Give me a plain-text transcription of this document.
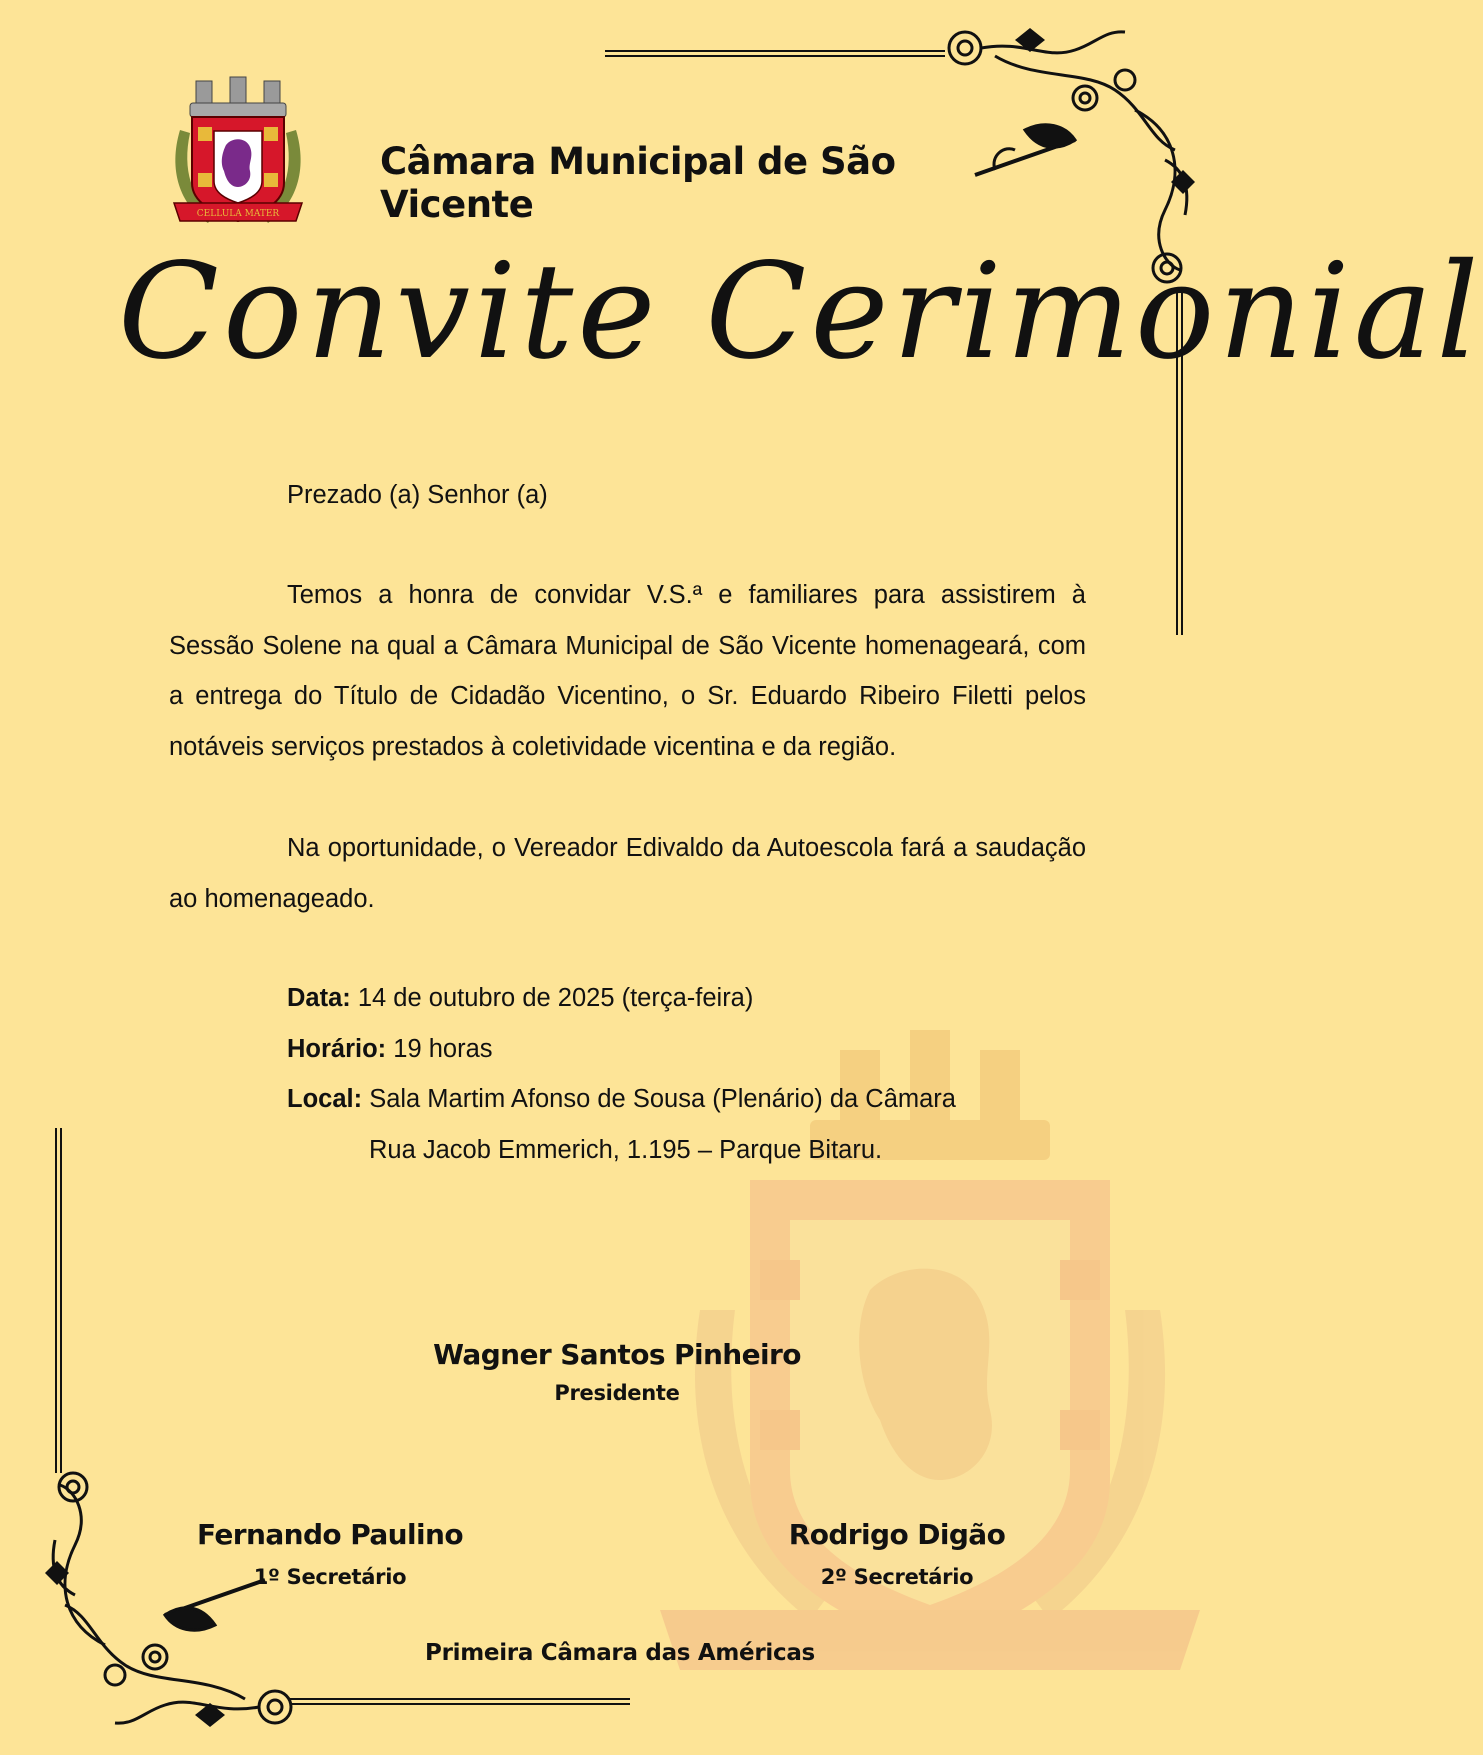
CELLULA MATER
Câmara Municipal de São Vicente
Convite Cerimonial
Prezado (a) Senhor (a)

Temos a honra de convidar V.S.ª e familiares para assistirem à Sessão Solene na qual a Câmara Municipal de São Vicente homenageará, com a entrega do Título de Cidadão Vicentino, o Sr. Eduardo Ribeiro Filetti pelos notáveis serviços prestados à coletividade vicentina e da região.

Na oportunidade, o Vereador Edivaldo da Autoescola fará a saudação ao homenageado.

Data: 14 de outubro de 2025 (terça-feira)
Horário: 19 horas
Local: Sala Martim Afonso de Sousa (Plenário) da Câmara
Rua Jacob Emmerich, 1.195 – Parque Bitaru.
Wagner Santos Pinheiro
Presidente
Fernando Paulino
1º Secretário
Rodrigo Digão
2º Secretário
Primeira Câmara das Américas
